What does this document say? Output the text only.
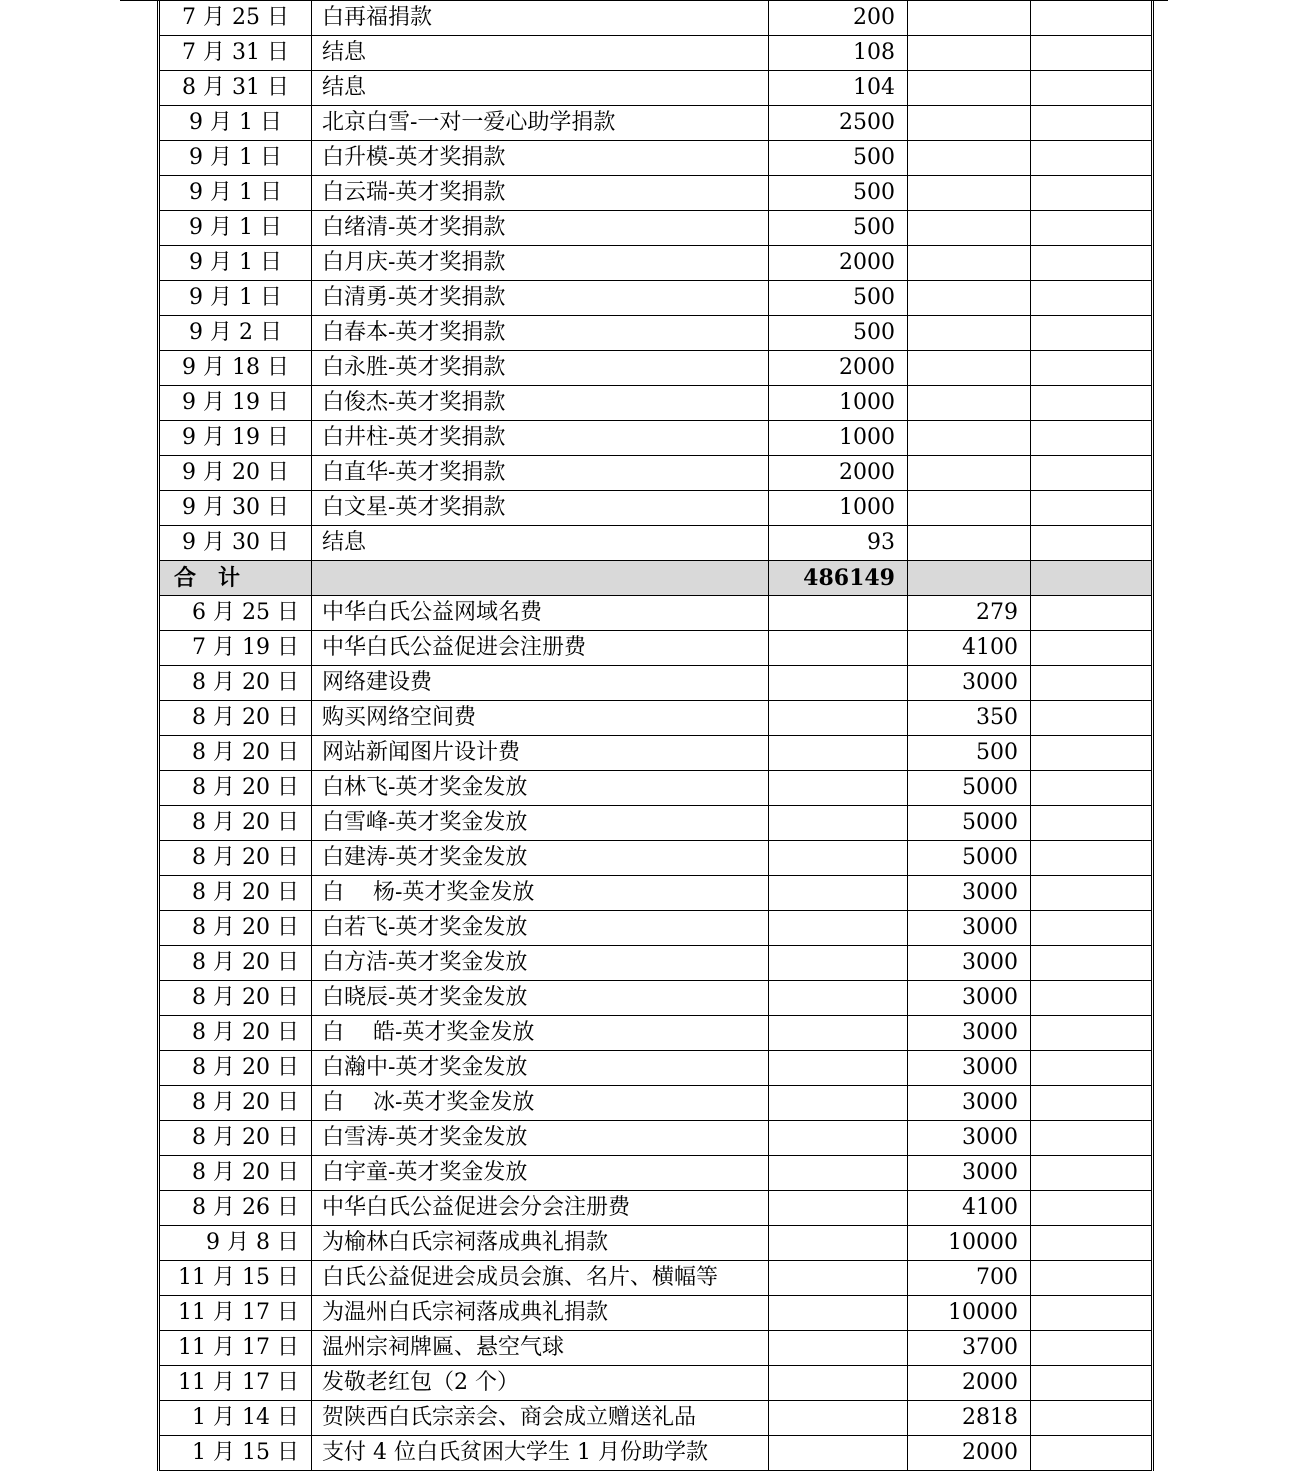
7 月 25 日	白再福捐款	200		
7 月 31 日	结息	108		
8 月 31 日	结息	104		
9 月 1 日	北京白雪-一对一爱心助学捐款	2500		
9 月 1 日	白升模-英才奖捐款	500		
9 月 1 日	白云瑞-英才奖捐款	500		
9 月 1 日	白绪清-英才奖捐款	500		
9 月 1 日	白月庆-英才奖捐款	2000		
9 月 1 日	白清勇-英才奖捐款	500		
9 月 2 日	白春本-英才奖捐款	500		
9 月 18 日	白永胜-英才奖捐款	2000		
9 月 19 日	白俊杰-英才奖捐款	1000		
9 月 19 日	白井柱-英才奖捐款	1000		
9 月 20 日	白直华-英才奖捐款	2000		
9 月 30 日	白文星-英才奖捐款	1000		
9 月 30 日	结息	93		
合计		486149		
6 月 25 日	中华白氏公益网域名费		279	
7 月 19 日	中华白氏公益促进会注册费		4100	
8 月 20 日	网络建设费		3000	
8 月 20 日	购买网络空间费		350	
8 月 20 日	网站新闻图片设计费		500	
8 月 20 日	白林飞-英才奖金发放		5000	
8 月 20 日	白雪峰-英才奖金发放		5000	
8 月 20 日	白建涛-英才奖金发放		5000	
8 月 20 日	白　 杨-英才奖金发放		3000	
8 月 20 日	白若飞-英才奖金发放		3000	
8 月 20 日	白方洁-英才奖金发放		3000	
8 月 20 日	白晓辰-英才奖金发放		3000	
8 月 20 日	白　 皓-英才奖金发放		3000	
8 月 20 日	白瀚中-英才奖金发放		3000	
8 月 20 日	白　 冰-英才奖金发放		3000	
8 月 20 日	白雪涛-英才奖金发放		3000	
8 月 20 日	白宇童-英才奖金发放		3000	
8 月 26 日	中华白氏公益促进会分会注册费		4100	
9 月 8 日	为榆林白氏宗祠落成典礼捐款		10000	
11 月 15 日	白氏公益促进会成员会旗、名片、横幅等		700	
11 月 17 日	为温州白氏宗祠落成典礼捐款		10000	
11 月 17 日	温州宗祠牌匾、悬空气球		3700	
11 月 17 日	发敬老红包（2 个）		2000	
1 月 14 日	贺陕西白氏宗亲会、商会成立赠送礼品		2818	
1 月 15 日	支付 4 位白氏贫困大学生 1 月份助学款		2000	
